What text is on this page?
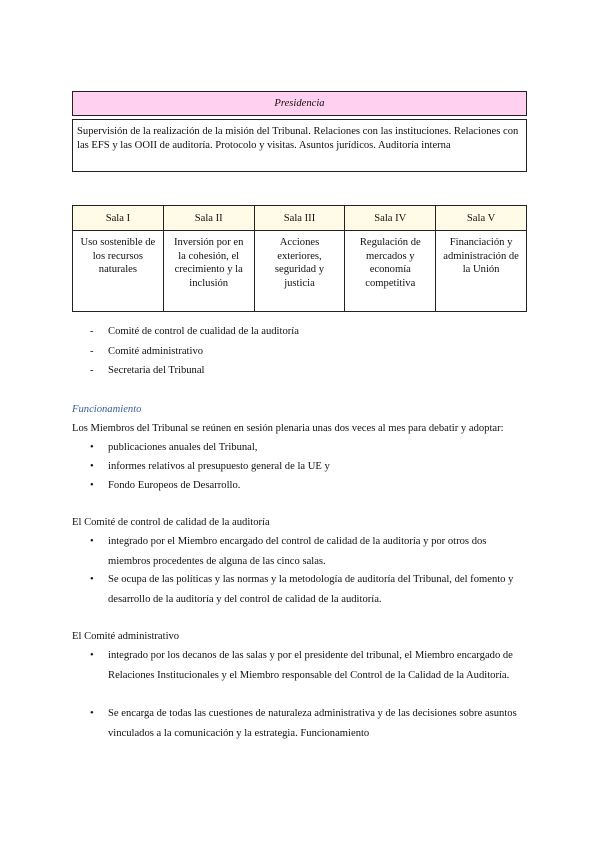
Presidencia
Supervisión de la realización de la misión del Tribunal. Relaciones con las instituciones. Relaciones con las EFS y las OOII de auditoría. Protocolo y visitas. Asuntos jurídicos. Auditoría interna
Sala I	Sala II	Sala III	Sala IV	Sala V
Uso sostenible de los recursos naturales	Inversión por en la cohesión, el crecimiento y la inclusión	Acciones exteriores, seguridad y justicia	Regulación de mercados y economía competitiva	Financiación y administración de la Unión
-	Comité de control de cualidad de la auditoría
-	Comité administrativo
-	Secretaria del Tribunal
Funcionamiento
Los Miembros del Tribunal se reúnen en sesión plenaria unas dos veces al mes para debatir y adoptar:
•	publicaciones anuales del Tribunal,
•	informes relativos al presupuesto general de la UE y
•	Fondo Europeos de Desarrollo.
El Comité de control de calidad de la auditoría
•	integrado por el Miembro encargado del control de calidad de la auditoría y por otros dos miembros procedentes de alguna de las cinco salas.
•	Se ocupa de las políticas y las normas y la metodología de auditoría del Tribunal, del fomento y desarrollo de la auditoría y del control de calidad de la auditoría.
El Comité administrativo
•	integrado por los decanos de las salas y por el presidente del tribunal, el Miembro encargado de Relaciones Institucionales y el Miembro responsable del Control de la Calidad de la Auditoría.
•	Se encarga de todas las cuestiones de naturaleza administrativa y de las decisiones sobre asuntos vinculados a la comunicación y la estrategia. Funcionamiento
